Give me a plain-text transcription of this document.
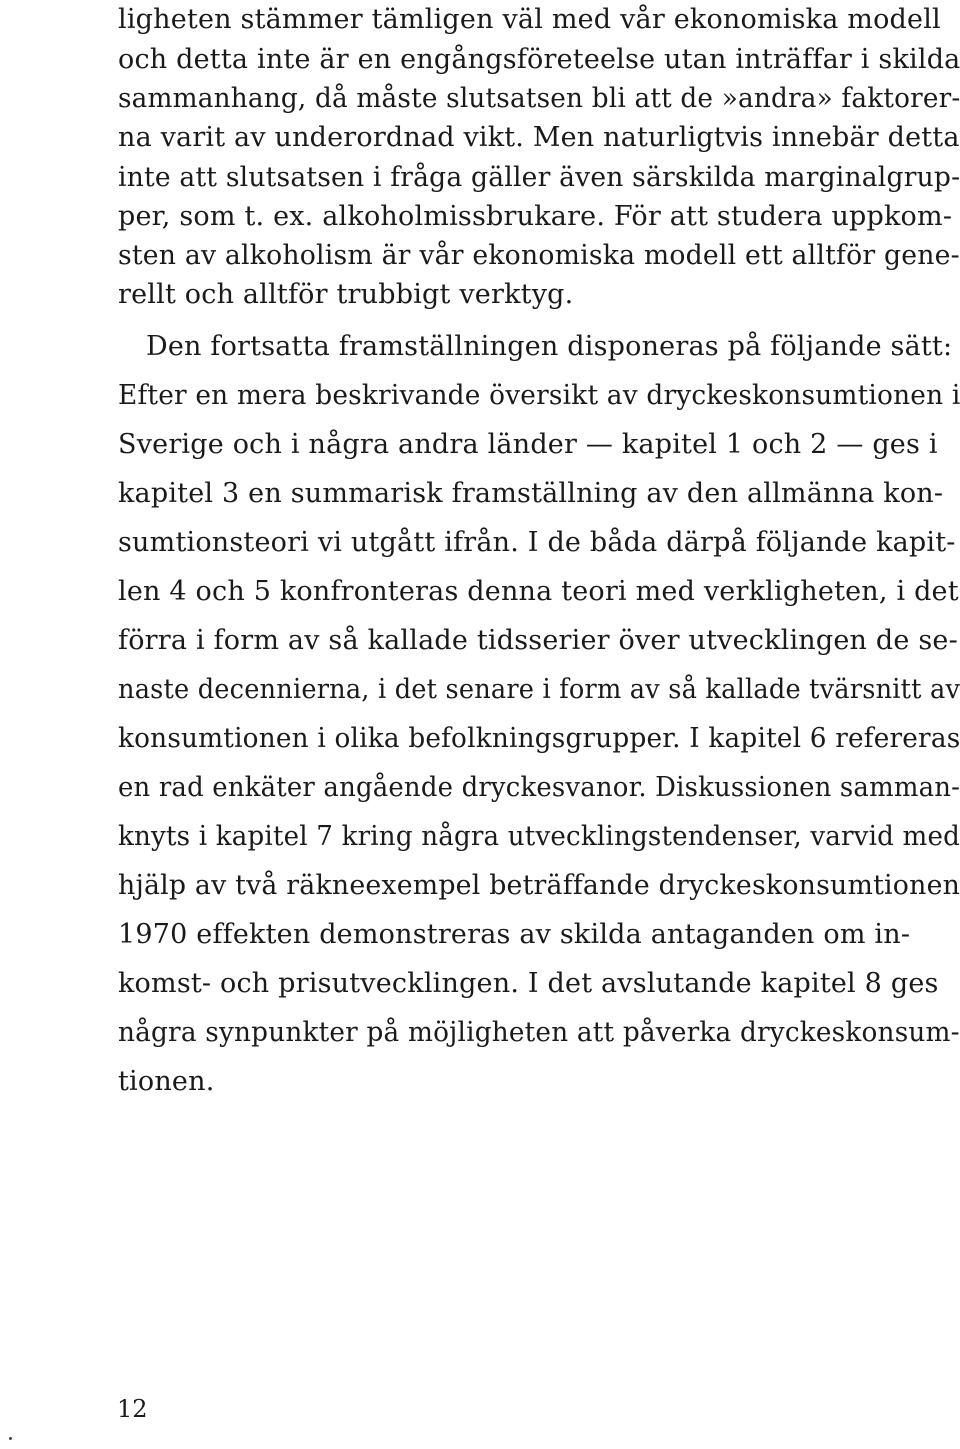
ligheten stämmer tämligen väl med vår ekonomiska modell
och detta inte är en engångsföreteelse utan inträffar i skilda
sammanhang, då måste slutsatsen bli att de »andra» faktorer-
na varit av underordnad vikt. Men naturligtvis innebär detta
inte att slutsatsen i fråga gäller även särskilda marginalgrup-
per, som t. ex. alkoholmissbrukare. För att studera uppkom-
sten av alkoholism är vår ekonomiska modell ett alltför gene-
rellt och alltför trubbigt verktyg.
Den fortsatta framställningen disponeras på följande sätt:
Efter en mera beskrivande översikt av dryckeskonsumtionen i
Sverige och i några andra länder — kapitel 1 och 2 — ges i
kapitel 3 en summarisk framställning av den allmänna kon-
sumtionsteori vi utgått ifrån. I de båda därpå följande kapit-
len 4 och 5 konfronteras denna teori med verkligheten, i det
förra i form av så kallade tidsserier över utvecklingen de se-
naste decennierna, i det senare i form av så kallade tvärsnitt av
konsumtionen i olika befolkningsgrupper. I kapitel 6 refereras
en rad enkäter angående dryckesvanor. Diskussionen samman-
knyts i kapitel 7 kring några utvecklingstendenser, varvid med
hjälp av två räkneexempel beträffande dryckeskonsumtionen
1970 effekten demonstreras av skilda antaganden om in-
komst- och prisutvecklingen. I det avslutande kapitel 8 ges
några synpunkter på möjligheten att påverka dryckeskonsum-
tionen.
12
